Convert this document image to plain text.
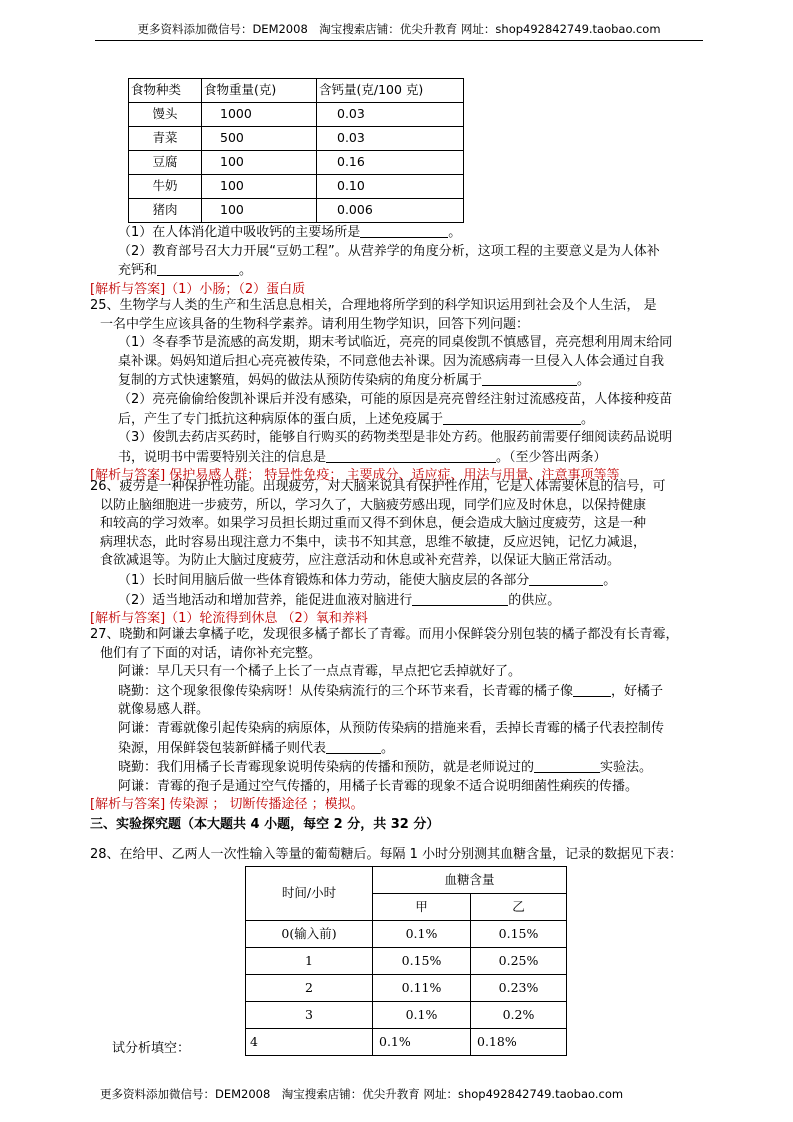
更多资料添加微信号：DEM2008　淘宝搜索店铺：优尖升教育 网址：shop492842749.taobao.com
食物种类	食物重量(克)	含钙量(克/100 克)
馒头	1000	0.03
青菜	500	0.03
豆腐	100	0.16
牛奶	100	0.10
猪肉	100	0.006
（1）在人体消化道中吸收钙的主要场所是	。
（2）教育部号召大力开展“豆奶工程”。从营养学的角度分析，这项工程的主要意义是为人体补
充钙和	。
[解析与答案]（1）小肠；（2）蛋白质
25、生物学与人类的生产和生活息息相关，合理地将所学到的科学知识运用到社会及个人生活， 是
一名中学生应该具备的生物科学素养。请利用生物学知识，回答下列问题：
（1）冬春季节是流感的高发期，期末考试临近，亮亮的同桌俊凯不慎感冒，亮亮想利用周末给同
桌补课。妈妈知道后担心亮亮被传染，不同意他去补课。因为流感病毒一旦侵入人体会通过自我
复制的方式快速繁殖，妈妈的做法从预防传染病的角度分析属于	。
（2）亮亮偷偷给俊凯补课后并没有感染，可能的原因是亮亮曾经注射过流感疫苗，人体接种疫苗
后，产生了专门抵抗这种病原体的蛋白质，上述免疫属于	。
（3）俊凯去药店买药时，能够自行购买的药物类型是非处方药。他服药前需要仔细阅读药品说明
书，说明书中需要特别关注的信息是	。（至少答出两条）
[解析与答案] 保护易感人群； 特异性免疫； 主要成分、适应症、用法与用量、注意事项等等
26、疲劳是一种保护性功能。出现疲劳，对大脑来说具有保护性作用，它是人体需要休息的信号，可
以防止脑细胞进一步疲劳，所以，学习久了，大脑疲劳感出现，同学们应及时休息，以保持健康
和较高的学习效率。如果学习员担长期过重而又得不到休息，便会造成大脑过度疲劳，这是一种
病理状态，此时容易出现注意力不集中，读书不知其意，思维不敏捷，反应迟钝，记忆力减退，
食欲减退等。为防止大脑过度疲劳，应注意活动和休息或补充营养，以保证大脑正常活动。
（1）长时间用脑后做一些体育锻炼和体力劳动，能使大脑皮层的各部分	。
（2）适当地活动和增加营养，能促进血液对脑进行	的供应。
[解析与答案]（1）轮流得到休息 （2）氧和养料
27、晓勤和阿谦去拿橘子吃，发现很多橘子都长了青霉。而用小保鲜袋分别包装的橘子都没有长青霉，
他们有了下面的对话，请你补充完整。
阿谦：早几天只有一个橘子上长了一点点青霉，早点把它丢掉就好了。
晓勤：这个现象很像传染病呀！从传染病流行的三个环节来看，长青霉的橘子像	，好橘子
就像易感人群。
阿谦：青霉就像引起传染病的病原体，从预防传染病的措施来看，丢掉长青霉的橘子代表控制传
染源，用保鲜袋包装新鲜橘子则代表	。
晓勤：我们用橘子长青霉现象说明传染病的传播和预防，就是老师说过的	实验法。
阿谦：青霉的孢子是通过空气传播的，用橘子长青霉的现象不适合说明细菌性痢疾的传播。
[解析与答案] 传染源 ； 切断传播途径 ；模拟。
三、实验探究题（本大题共 4 小题，每空 2 分，共 32 分）
28、在给甲、乙两人一次性输入等量的葡萄糖后。每隔 1 小时分别测其血糖含量，记录的数据见下表：
时间/小时	血糖含量	
	甲	乙
0(输入前)	0.1%	0.15%
1	0.15%	0.25%
2	0.11%	0.23%
3	0.1%	0.2%
4	0.1%	0.18%
试分析填空：
更多资料添加微信号：DEM2008　淘宝搜索店铺：优尖升教育 网址：shop492842749.taobao.com
